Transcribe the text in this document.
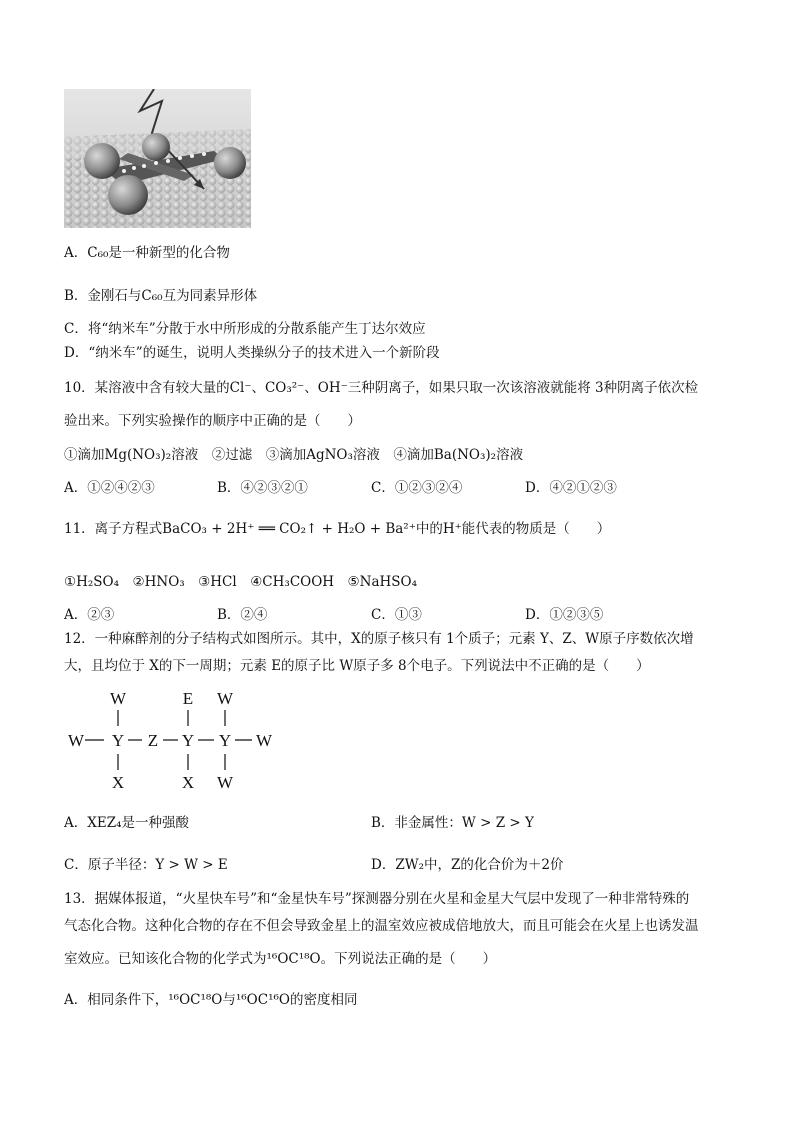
A．C₆₀是一种新型的化合物
B．金刚石与C₆₀互为同素异形体
C．将“纳米车”分散于水中所形成的分散系能产生丁达尔效应
D．“纳米车”的诞生，说明人类操纵分子的技术进入一个新阶段
10．某溶液中含有较大量的Cl⁻、CO₃²⁻、OH⁻三种阴离子，如果只取一次该溶液就能将 3种阴离子依次检
验出来。下列实验操作的顺序中正确的是（　　）
①滴加Mg(NO₃)₂溶液　②过滤　③滴加AgNO₃溶液　④滴加Ba(NO₃)₂溶液
A．①②④②③	B．④②③②①	C．①②③②④	D．④②①②③
11．离子方程式BaCO₃ + 2H⁺ ══ CO₂↑ + H₂O + Ba²⁺中的H⁺能代表的物质是（　　）
①H₂SO₄　②HNO₃　③HCl　④CH₃COOH　⑤NaHSO₄
A．②③	B．②④	C．①③	D．①②③⑤
12．一种麻醉剂的分子结构式如图所示。其中，X的原子核只有 1个质子；元素 Y、Z、W原子序数依次增
大，且均位于 X的下一周期；元素 E的原子比 W原子多 8个电子。下列说法中不正确的是（　　）
W	E W
W Y Z Y Y W
X	X W
A．XEZ₄是一种强酸	B．非金属性：W > Z > Y
C．原子半径：Y > W > E	D．ZW₂中，Z的化合价为＋2价
13．据媒体报道，“火星快车号”和“金星快车号”探测器分别在火星和金星大气层中发现了一种非常特殊的
气态化合物。这种化合物的存在不但会导致金星上的温室效应被成倍地放大，而且可能会在火星上也诱发温
室效应。已知该化合物的化学式为¹⁶OC¹⁸O。下列说法正确的是（　　）
A．相同条件下，¹⁶OC¹⁸O与¹⁶OC¹⁶O的密度相同
